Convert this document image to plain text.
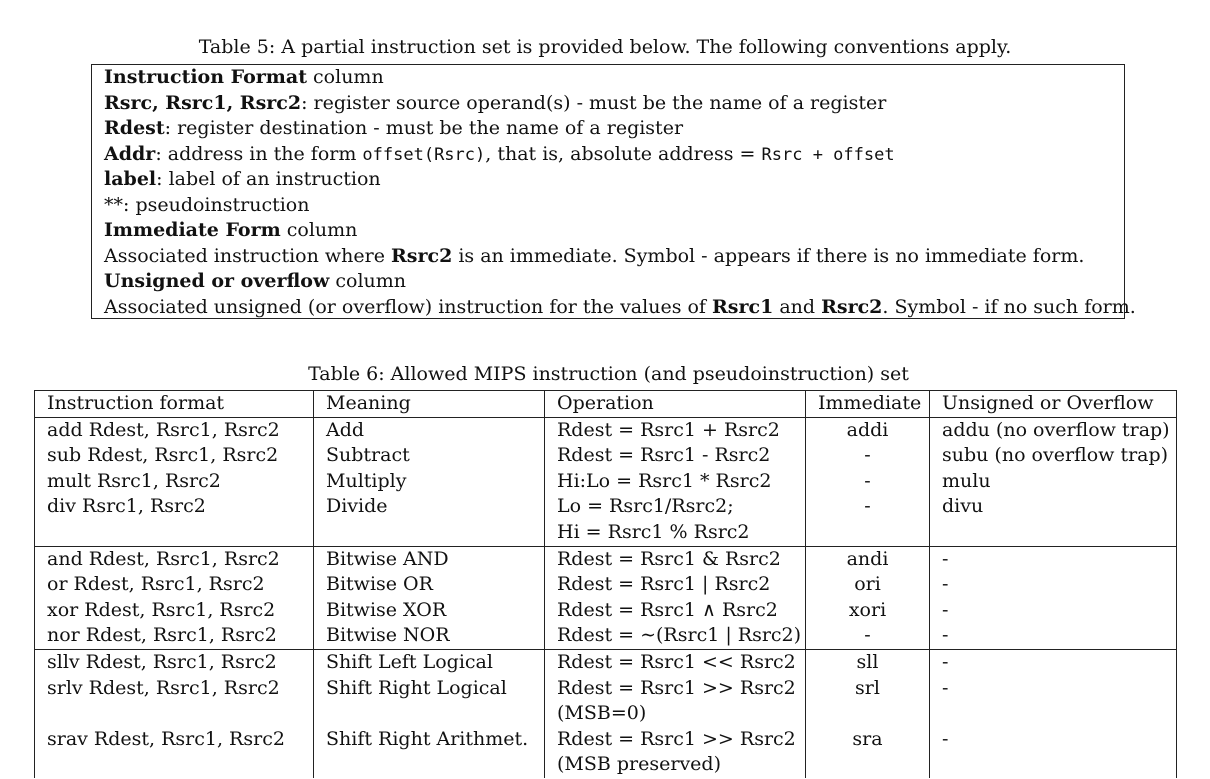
Table 5: A partial instruction set is provided below. The following conventions apply.
Instruction Format column
Rsrc, Rsrc1, Rsrc2: register source operand(s) - must be the name of a register
Rdest: register destination - must be the name of a register
Addr: address in the form offset(Rsrc), that is, absolute address = Rsrc + offset
label: label of an instruction
**: pseudoinstruction
Immediate Form column
Associated instruction where Rsrc2 is an immediate. Symbol - appears if there is no immediate form.
Unsigned or overflow column
Associated unsigned (or overflow) instruction for the values of Rsrc1 and Rsrc2. Symbol - if no such form.
Table 6: Allowed MIPS instruction (and pseudoinstruction) set
Instruction format	Meaning	Operation	Immediate	Unsigned or Overflow
add Rdest, Rsrc1, Rsrc2	Add	Rdest = Rsrc1 + Rsrc2	addi	addu (no overflow trap)
sub Rdest, Rsrc1, Rsrc2	Subtract	Rdest = Rsrc1 - Rsrc2	-	subu (no overflow trap)
mult Rsrc1, Rsrc2	Multiply	Hi:Lo = Rsrc1 * Rsrc2	-	mulu
div Rsrc1, Rsrc2	Divide	Lo = Rsrc1/Rsrc2;	-	divu
		Hi = Rsrc1 % Rsrc2		
and Rdest, Rsrc1, Rsrc2	Bitwise AND	Rdest = Rsrc1 & Rsrc2	andi	-
or Rdest, Rsrc1, Rsrc2	Bitwise OR	Rdest = Rsrc1 | Rsrc2	ori	-
xor Rdest, Rsrc1, Rsrc2	Bitwise XOR	Rdest = Rsrc1 ∧ Rsrc2	xori	-
nor Rdest, Rsrc1, Rsrc2	Bitwise NOR	Rdest = ∼(Rsrc1 | Rsrc2)	-	-
sllv Rdest, Rsrc1, Rsrc2	Shift Left Logical	Rdest = Rsrc1 << Rsrc2	sll	-
srlv Rdest, Rsrc1, Rsrc2	Shift Right Logical	Rdest = Rsrc1 >> Rsrc2	srl	-
		(MSB=0)		
srav Rdest, Rsrc1, Rsrc2	Shift Right Arithmet.	Rdest = Rsrc1 >> Rsrc2	sra	-
		(MSB preserved)		
